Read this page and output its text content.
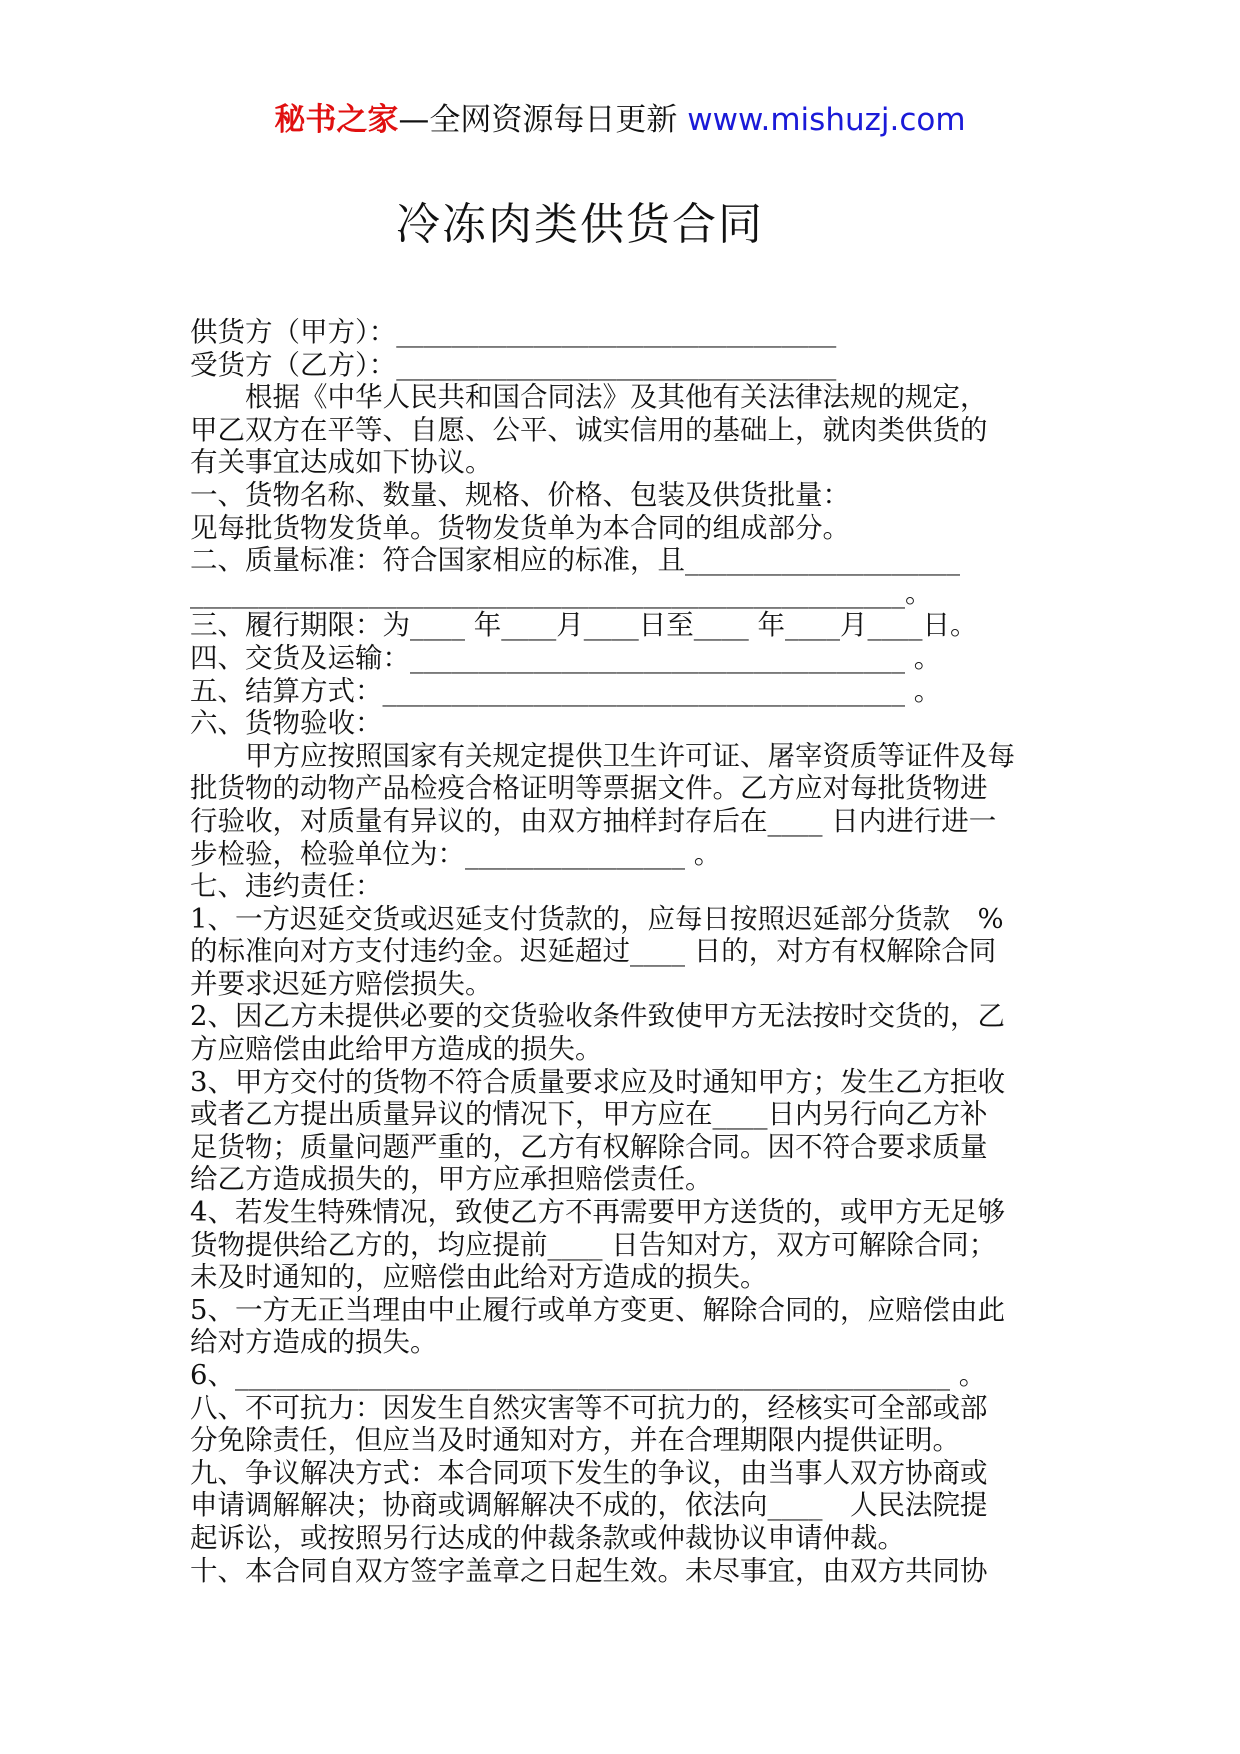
秘书之家—全网资源每日更新 www.mishuzj.com
冷冻肉类供货合同
供货方（甲方）：________________________________
受货方（乙方）：________________________________
　　根据《中华人民共和国合同法》及其他有关法律法规的规定，
甲乙双方在平等、自愿、公平、诚实信用的基础上，就肉类供货的
有关事宜达成如下协议。
一、货物名称、数量、规格、价格、包装及供货批量：
见每批货物发货单。货物发货单为本合同的组成部分。
二、质量标准：符合国家相应的标准，且____________________
____________________________________________________。
三、履行期限：为____ 年____月____日至____ 年____月____日。
四、交货及运输：____________________________________ 。
五、结算方式：______________________________________ 。
六、货物验收：
　　甲方应按照国家有关规定提供卫生许可证、屠宰资质等证件及每
批货物的动物产品检疫合格证明等票据文件。乙方应对每批货物进
行验收，对质量有异议的，由双方抽样封存后在____ 日内进行进一
步检验，检验单位为：________________ 。
七、违约责任：
1、一方迟延交货或迟延支付货款的，应每日按照迟延部分货款　%
的标准向对方支付违约金。迟延超过____ 日的，对方有权解除合同
并要求迟延方赔偿损失。
2、因乙方未提供必要的交货验收条件致使甲方无法按时交货的，乙
方应赔偿由此给甲方造成的损失。
3、甲方交付的货物不符合质量要求应及时通知甲方；发生乙方拒收
或者乙方提出质量异议的情况下，甲方应在____日内另行向乙方补
足货物；质量问题严重的，乙方有权解除合同。因不符合要求质量
给乙方造成损失的，甲方应承担赔偿责任。
4、若发生特殊情况，致使乙方不再需要甲方送货的，或甲方无足够
货物提供给乙方的，均应提前____ 日告知对方，双方可解除合同；
未及时通知的，应赔偿由此给对方造成的损失。
5、一方无正当理由中止履行或单方变更、解除合同的，应赔偿由此
给对方造成的损失。
6、____________________________________________________ 。
八、不可抗力：因发生自然灾害等不可抗力的，经核实可全部或部
分免除责任，但应当及时通知对方，并在合理期限内提供证明。
九、争议解决方式：本合同项下发生的争议，由当事人双方协商或
申请调解解决；协商或调解解决不成的，依法向____　人民法院提
起诉讼，或按照另行达成的仲裁条款或仲裁协议申请仲裁。
十、本合同自双方签字盖章之日起生效。未尽事宜，由双方共同协
